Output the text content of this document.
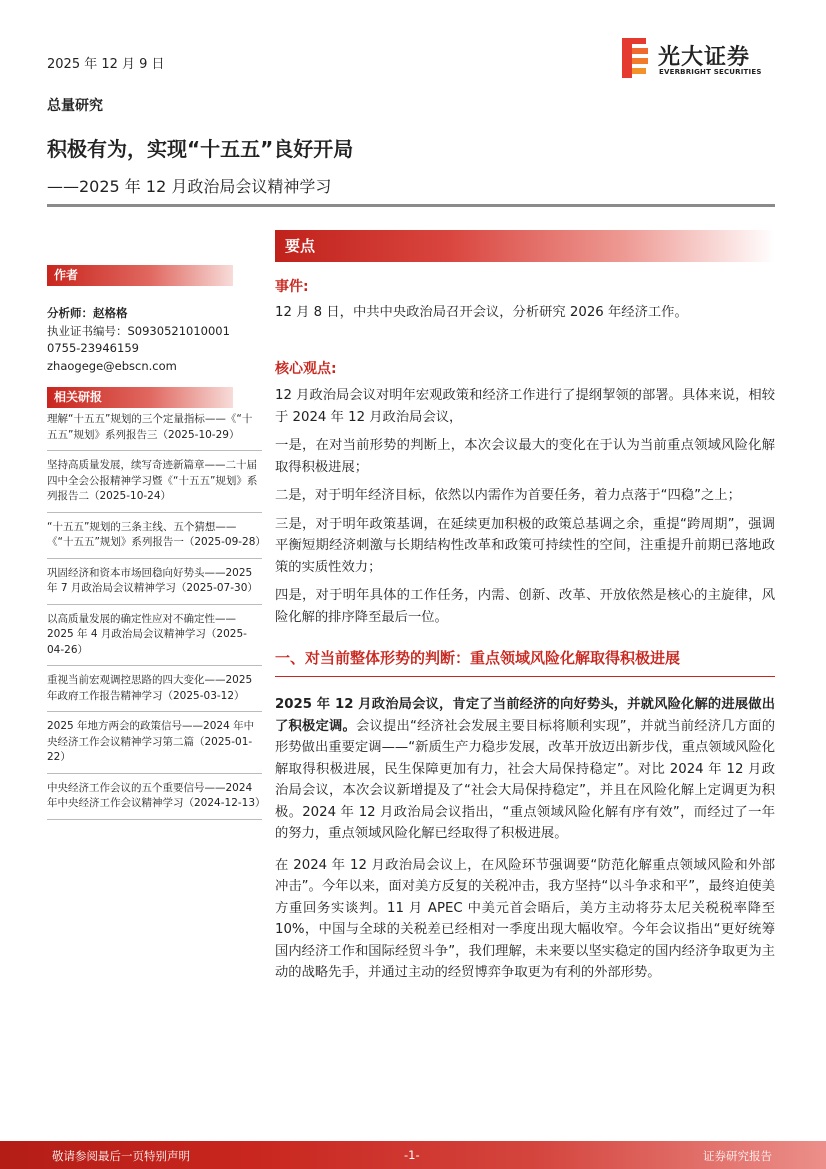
2025 年 12 月 9 日	光大证券
EVERBRIGHT SECURITIES
总量研究
积极有为，实现“十五五”良好开局
——2025 年 12 月政治局会议精神学习
作者
分析师：赵格格
执业证书编号：S0930521010001
0755-23946159
zhaogege@ebscn.com
相关研报
理解“十五五”规划的三个定量指标——《“十五五”规划》系列报告三（2025-10-29）
坚持高质量发展，续写奇迹新篇章——二十届四中全会公报精神学习暨《“十五五”规划》系列报告二（2025-10-24）
“十五五”规划的三条主线、五个猜想——《“十五五”规划》系列报告一（2025-09-28）
巩固经济和资本市场回稳向好势头——2025 年 7 月政治局会议精神学习（2025-07-30）
以高质量发展的确定性应对不确定性——2025 年 4 月政治局会议精神学习（2025-04-26）
重视当前宏观调控思路的四大变化——2025 年政府工作报告精神学习（2025-03-12）
2025 年地方两会的政策信号——2024 年中央经济工作会议精神学习第二篇（2025-01-22）
中央经济工作会议的五个重要信号——2024 年中央经济工作会议精神学习（2024-12-13）
要点
事件:
12 月 8 日，中共中央政治局召开会议，分析研究 2026 年经济工作。
核心观点:

12 月政治局会议对明年宏观政策和经济工作进行了提纲挈领的部署。具体来说，相较于 2024 年 12 月政治局会议，

一是，在对当前形势的判断上，本次会议最大的变化在于认为当前重点领域风险化解取得积极进展；

二是，对于明年经济目标，依然以内需作为首要任务，着力点落于“四稳”之上；

三是，对于明年政策基调，在延续更加积极的政策总基调之余，重提“跨周期”，强调平衡短期经济刺激与长期结构性改革和政策可持续性的空间，注重提升前期已落地政策的实质性效力；

四是，对于明年具体的工作任务，内需、创新、改革、开放依然是核心的主旋律，风险化解的排序降至最后一位。

一、对当前整体形势的判断：重点领域风险化解取得积极进展

2025 年 12 月政治局会议，肯定了当前经济的向好势头，并就风险化解的进展做出了积极定调。会议提出“经济社会发展主要目标将顺利实现”，并就当前经济几方面的形势做出重要定调——“新质生产力稳步发展，改革开放迈出新步伐，重点领域风险化解取得积极进展，民生保障更加有力，社会大局保持稳定”。对比 2024 年 12 月政治局会议，本次会议新增提及了“社会大局保持稳定”，并且在风险化解上定调更为积极。2024 年 12 月政治局会议指出，“重点领域风险化解有序有效”，而经过了一年的努力，重点领域风险化解已经取得了积极进展。

在 2024 年 12 月政治局会议上，在风险环节强调要“防范化解重点领域风险和外部冲击”。今年以来，面对美方反复的关税冲击，我方坚持“以斗争求和平”，最终迫使美方重回务实谈判。11 月 APEC 中美元首会晤后，美方主动将芬太尼关税税率降至 10%，中国与全球的关税差已经相对一季度出现大幅收窄。今年会议指出“更好统筹国内经济工作和国际经贸斗争”，我们理解，未来要以坚实稳定的国内经济争取更为主动的战略先手，并通过主动的经贸博弈争取更为有利的外部形势。

敬请参阅最后一页特别声明	-1-	证券研究报告
